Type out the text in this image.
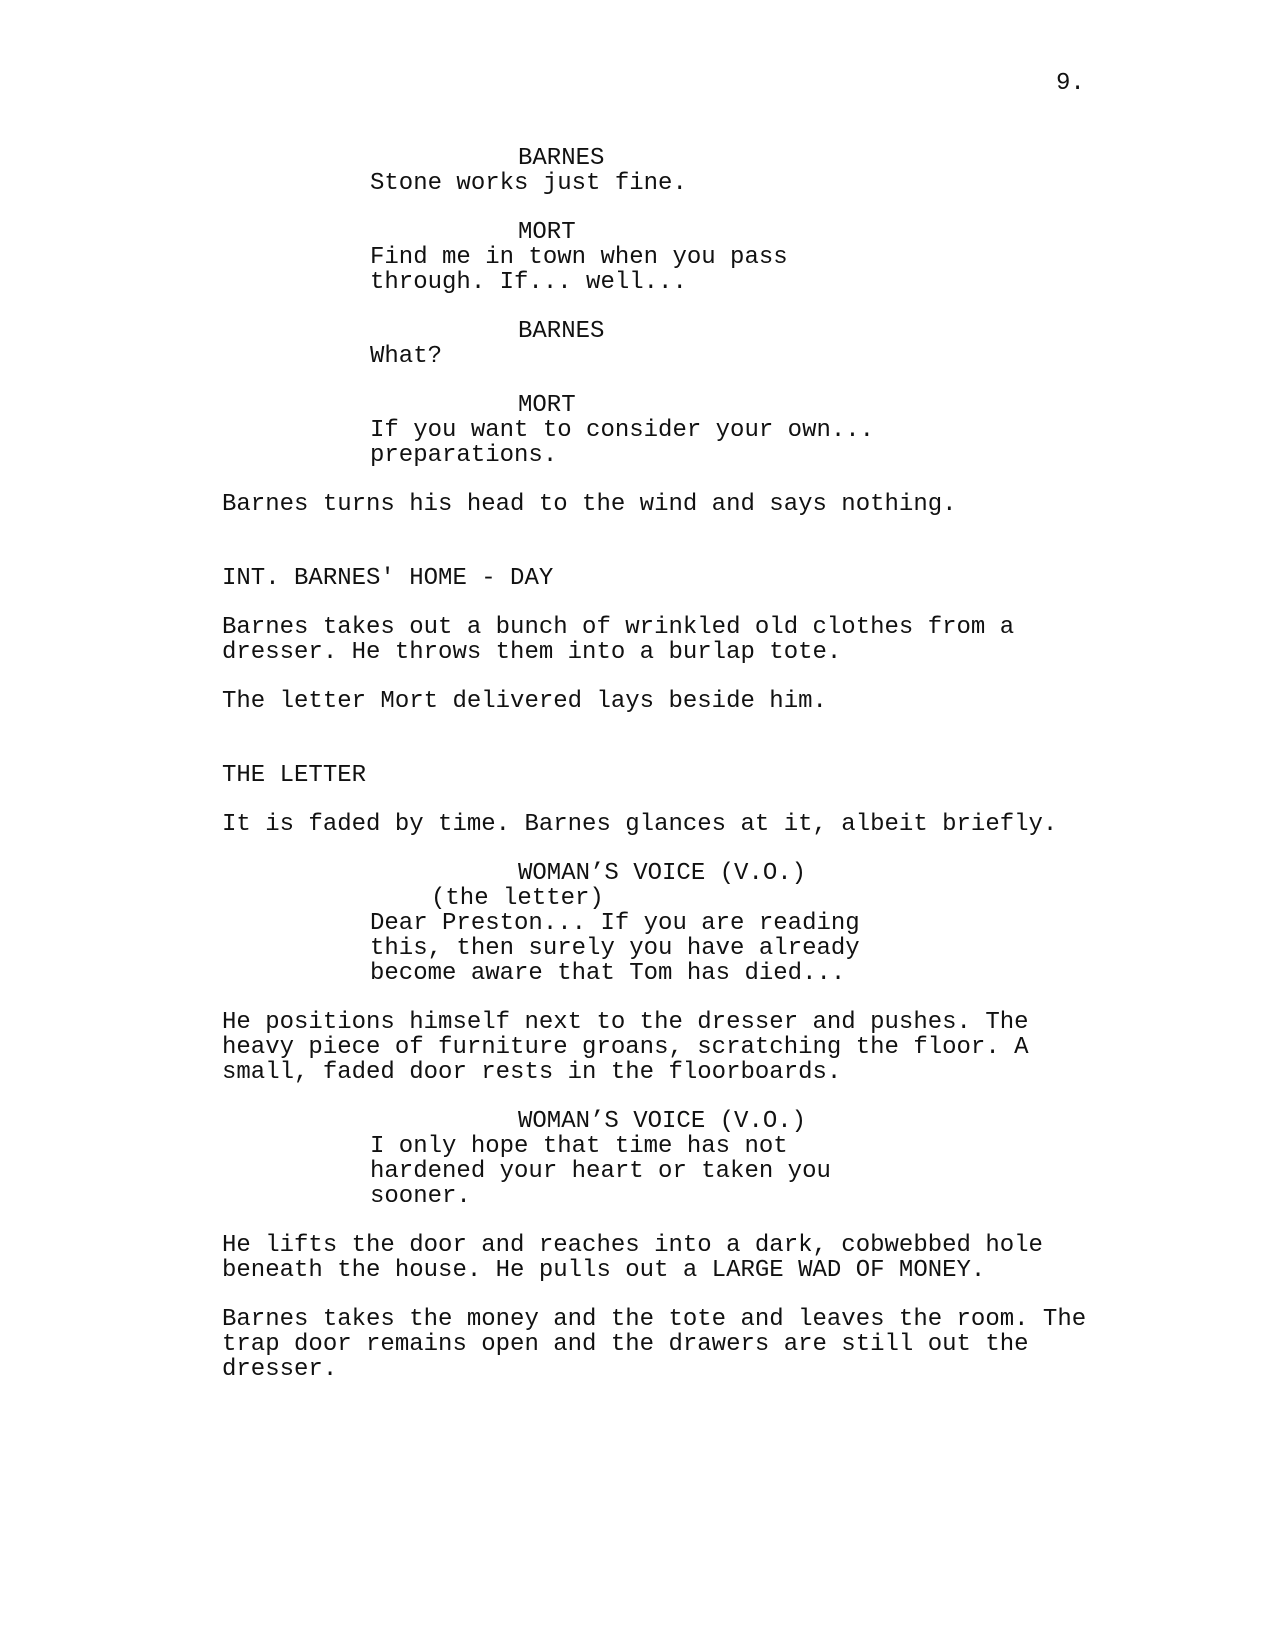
9.
BARNES
Stone works just fine.
MORT
Find me in town when you pass
through. If... well...
BARNES
What?
MORT
If you want to consider your own...
preparations.
Barnes turns his head to the wind and says nothing.
INT. BARNES' HOME - DAY
Barnes takes out a bunch of wrinkled old clothes from a
dresser. He throws them into a burlap tote.
The letter Mort delivered lays beside him.
THE LETTER
It is faded by time. Barnes glances at it, albeit briefly.
WOMAN’S VOICE (V.O.)
(the letter)
Dear Preston... If you are reading
this, then surely you have already
become aware that Tom has died...
He positions himself next to the dresser and pushes. The
heavy piece of furniture groans, scratching the floor. A
small, faded door rests in the floorboards.
WOMAN’S VOICE (V.O.)
I only hope that time has not
hardened your heart or taken you
sooner.
He lifts the door and reaches into a dark, cobwebbed hole
beneath the house. He pulls out a LARGE WAD OF MONEY.
Barnes takes the money and the tote and leaves the room. The
trap door remains open and the drawers are still out the
dresser.
